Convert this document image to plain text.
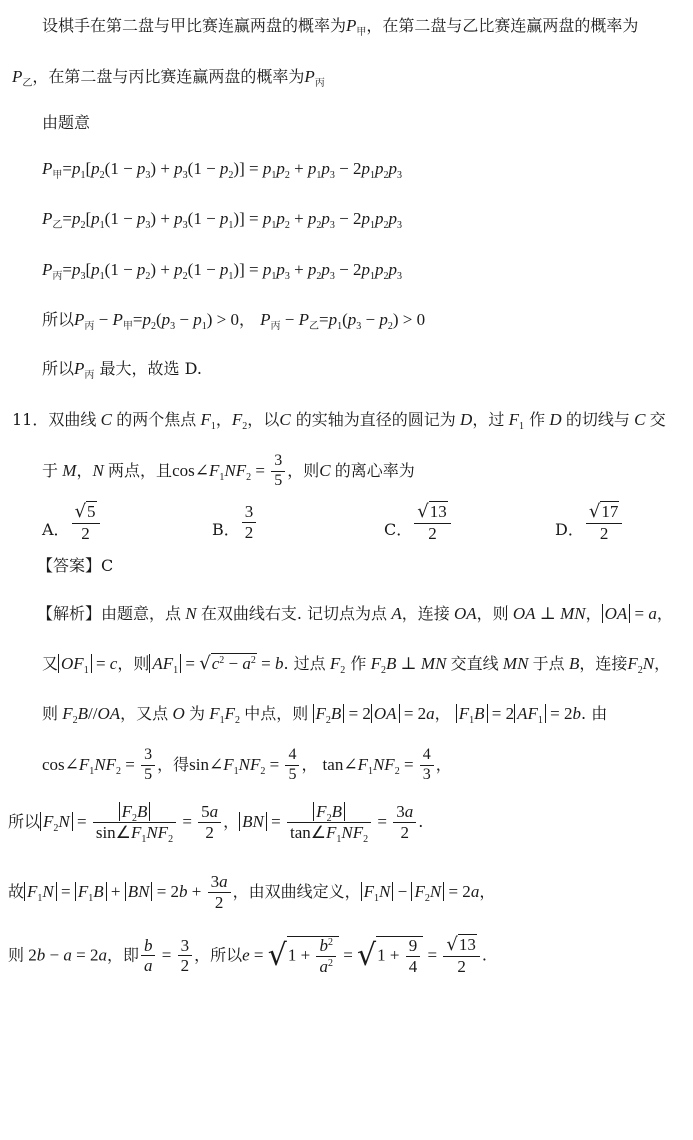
设棋手在第二盘与甲比赛连赢两盘的概率为$P_甲$，在第二盘与乙比赛连赢两盘的概率为
$P_乙$，在第二盘与丙比赛连赢两盘的概率为$P_丙$
由题意
$P_甲=p_1[p_2(1 - p_3) + p_3(1 - p_2)] = p_1p_2 + p_1p_3 - 2p_1p_2p_3$
$P_乙=p_2[p_1(1 - p_3) + p_3(1 - p_1)] = p_1p_2 + p_2p_3 - 2p_1p_2p_3$
$P_丙=p_3[p_1(1 - p_2) + p_2(1 - p_1)] = p_1p_3 + p_2p_3 - 2p_1p_2p_3$
所以$P_丙 - P_甲=p_2(p_3 - p_1) > 0$， $P_丙 - P_乙=p_1(p_3 - p_2) > 0$
所以$P_丙$ 最大，故选 D.
11．双曲线 C 的两个焦点 $F_1$，$F_2$，以C 的实轴为直径的圆记为 D，过 $F_1$ 作 D 的切线与 C 交
于 M，N 两点，且$\cos\angle F_1NF_2 = \frac{3}{5}$ ，则C 的离心率为
A． $\frac{√5}{2}$	B． $\frac{3}{2}$	C． $\frac{√13}{2}$	D． $\frac{√17}{2}$
【答案】C
【解析】由题意，点 N 在双曲线右支. 记切点为点 A，连接 OA，则 OA ⊥ MN， OA = a，
又 $OF_1 = c$，则 $AF_1 = √c^2 - a^2 = b$. 过点 $F_2$ 作 $F_2B$ ⊥ MN 交直线 MN 于点 B，连接$F_2N$，
则 $F_2B//OA$，又点 O 为 $F_1F_2$ 中点，则 $F_2B = 2$ OA = 2a， $F_1B = 2$ $AF_1 = 2b$. 由
$\cos\angle F_1NF_2 = \frac{3}{5}$ ，得$\sin\angle F_1NF_2 = \frac{4}{5}$ ， $\tan\angle F_1NF_2 = \frac{4}{3}$ ，
所以 $F_2N = \frac{F_2B}{\sin\angle F_1NF_2} = \frac{5a}{2}$ ， BN = $\frac{F_2B}{\tan\angle F_1NF_2} = \frac{3a}{2}$ .
故 $F_1N = F_1B$ + BN = $2b + \frac{3a}{2}$ ，由双曲线定义， $F_1N - F_2N = 2a$，
则 2b − a = 2a，即 $\frac{b}{a} = \frac{3}{2}$ ，所以$e = √1 + \frac{b^2}{a^2} = √1 + \frac{9}{4} = \frac{√13}{2}$ .
